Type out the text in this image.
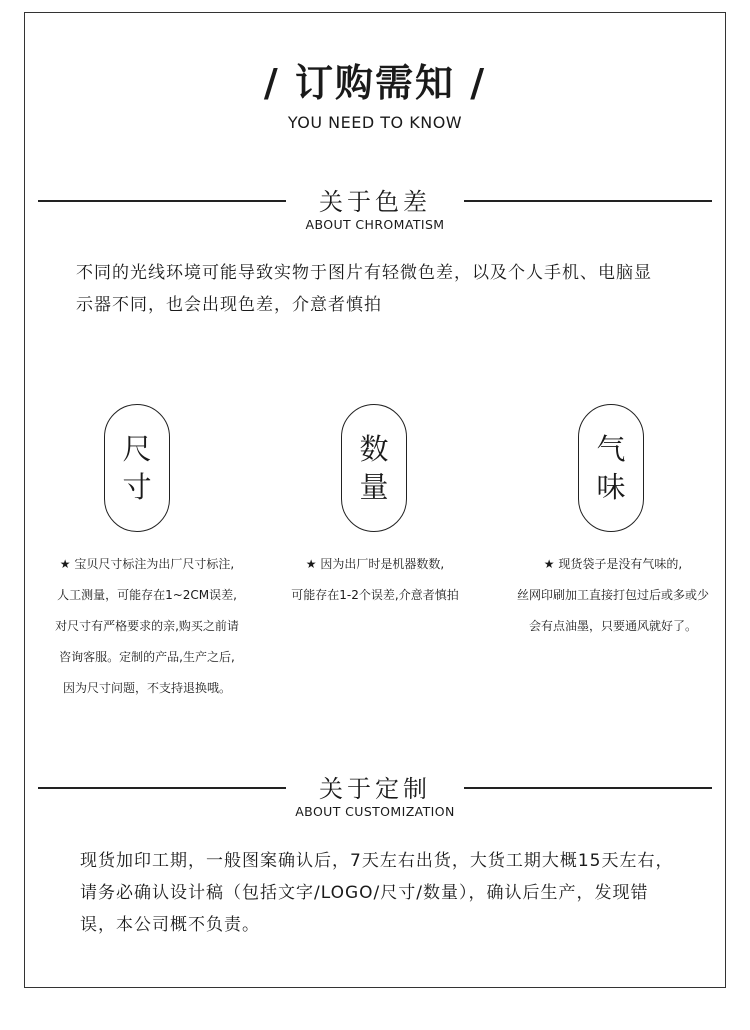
/ 订购需知 /
YOU NEED TO KNOW
关于色差
ABOUT CHROMATISM
不同的光线环境可能导致实物于图片有轻微色差，以及个人手机、电脑显
示器不同，也会出现色差，介意者慎拍
尺寸
数量
气味

★ 宝贝尺寸标注为出厂尺寸标注,

人工测量，可能存在1~2CM误差,

对尺寸有严格要求的亲,购买之前请

咨询客服。定制的产品,生产之后,

因为尺寸问题，不支持退换哦。

★ 因为出厂时是机器数数,

可能存在1-2个误差,介意者慎拍

★ 现货袋子是没有气味的,

丝网印刷加工直接打包过后或多或少

会有点油墨，只要通风就好了。

关于定制
ABOUT CUSTOMIZATION
现货加印工期，一般图案确认后，7天左右出货，大货工期大概15天左右，
请务必确认设计稿（包括文字/LOGO/尺寸/数量），确认后生产，发现错
误，本公司概不负责。
